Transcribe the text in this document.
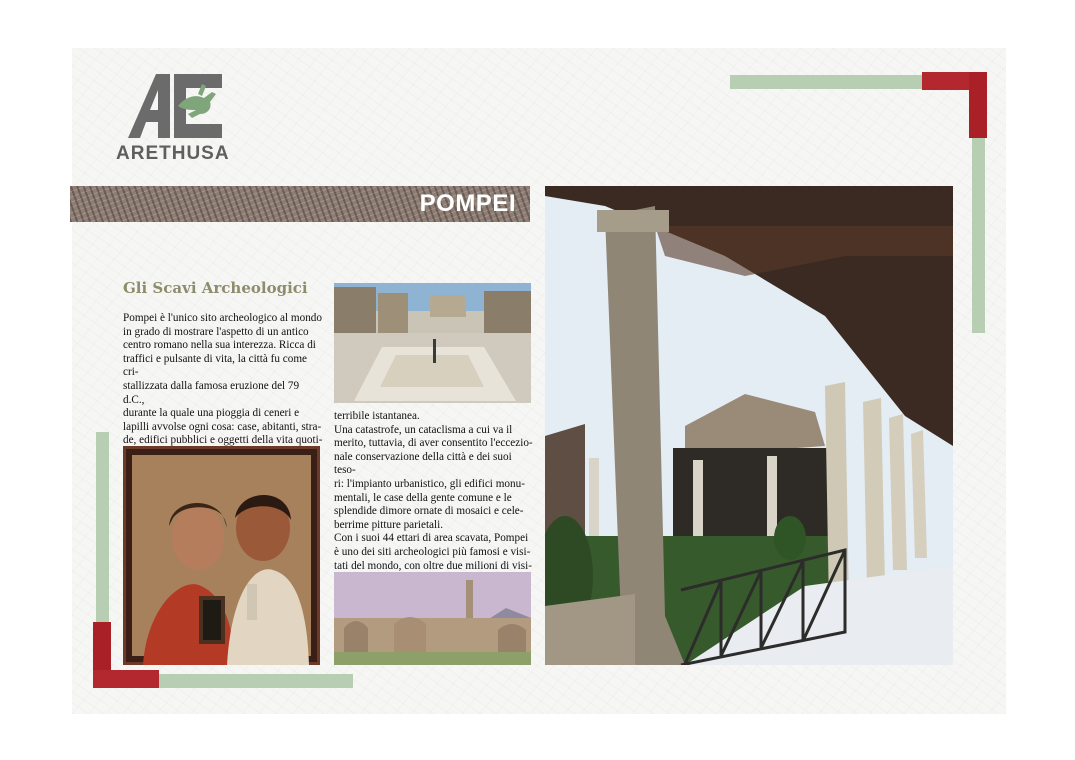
ARETHUSA
POMPEI
Gli Scavi Archeologici

Pompei è l'unico sito archeologico al mondo
in grado di mostrare l'aspetto di un antico
centro romano nella sua interezza. Ricca di
traffici e pulsante di vita, la città fu come cri-
stallizzata dalla famosa eruzione del 79 d.C.,
durante la quale una pioggia di ceneri e
lapilli avvolse ogni cosa: case, abitanti, stra-
de, edifici pubblici e oggetti della vita quoti-

terribile istantanea.
Una catastrofe, un cataclisma a cui va il
merito, tuttavia, di aver consentito l'eccezio-
nale conservazione della città e dei suoi teso-
ri: l'impianto urbanistico, gli edifici monu-
mentali, le case della gente comune e le
splendide dimore ornate di mosaici e cele-
berrime pitture parietali.
Con i suoi 44 ettari di area scavata, Pompei
è uno dei siti archeologici più famosi e visi-
tati del mondo, con oltre due milioni di visi-
